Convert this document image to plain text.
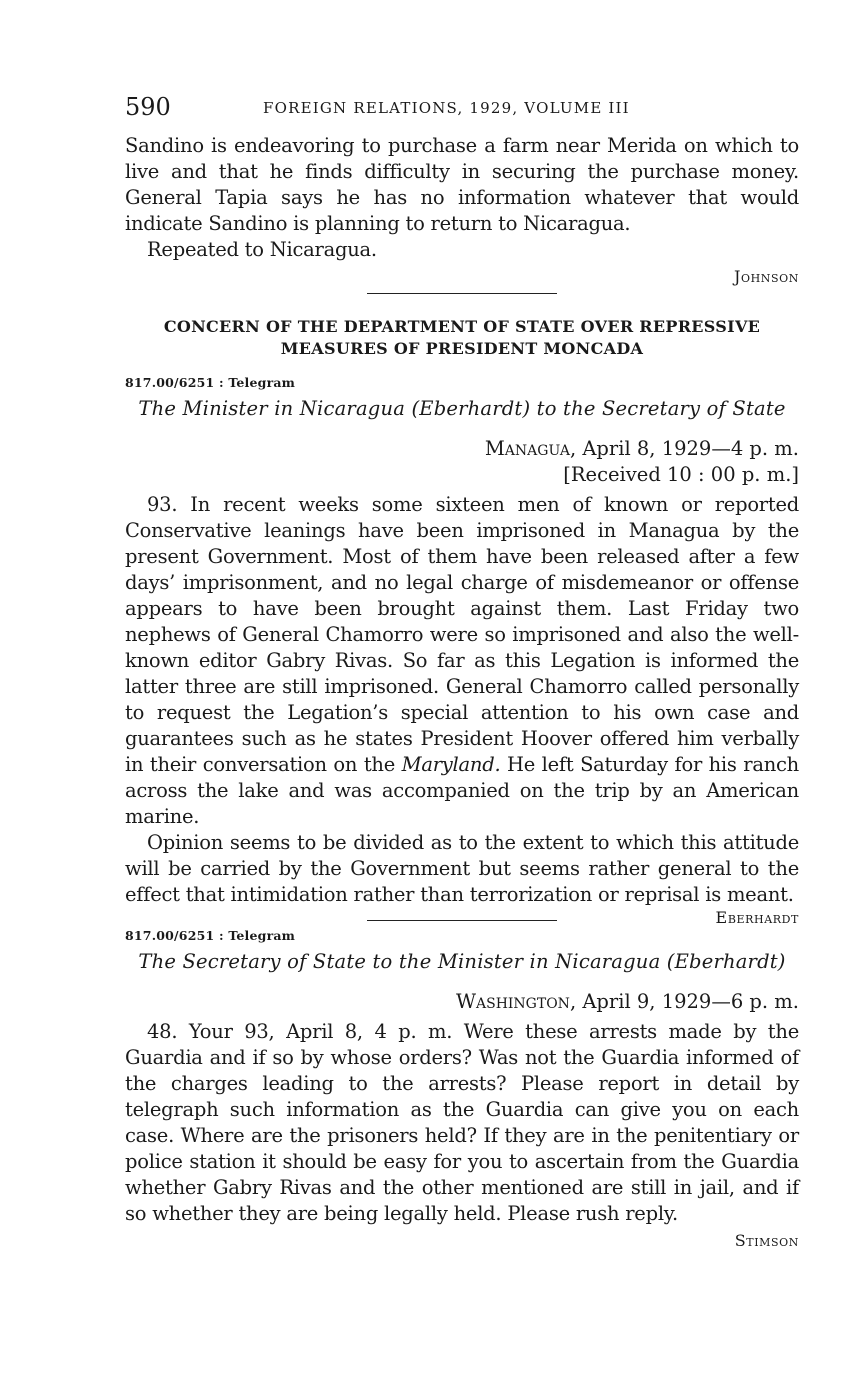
590	FOREIGN RELATIONS, 1929, VOLUME III

Sandino is endeavoring to purchase a farm near Merida on which to live and that he finds difficulty in securing the purchase money. General Tapia says he has no information whatever that would indicate Sandino is planning to return to Nicaragua.

Repeated to Nicaragua.

Johnson
CONCERN OF THE DEPARTMENT OF STATE OVER REPRESSIVE
MEASURES OF PRESIDENT MONCADA
817.00/6251 : Telegram
The Minister in Nicaragua (Eberhardt) to the Secretary of State
Managua, April 8, 1929—4 p. m.
[Received 10 : 00 p. m.]

93. In recent weeks some sixteen men of known or reported Conservative leanings have been imprisoned in Managua by the present Government. Most of them have been released after a few days’ imprisonment, and no legal charge of misdemeanor or offense appears to have been brought against them. Last Friday two nephews of General Chamorro were so imprisoned and also the well-known editor Gabry Rivas. So far as this Legation is informed the latter three are still imprisoned. General Chamorro called personally to request the Legation’s special attention to his own case and guarantees such as he states President Hoover offered him verbally in their conversation on the Maryland. He left Saturday for his ranch across the lake and was accompanied on the trip by an American marine.

Opinion seems to be divided as to the extent to which this attitude will be carried by the Government but seems rather general to the effect that intimidation rather than terrorization or reprisal is meant.

Eberhardt
817.00/6251 : Telegram
The Secretary of State to the Minister in Nicaragua (Eberhardt)
Washington, April 9, 1929—6 p. m.

48. Your 93, April 8, 4 p. m. Were these arrests made by the Guardia and if so by whose orders? Was not the Guardia informed of the charges leading to the arrests? Please report in detail by telegraph such information as the Guardia can give you on each case. Where are the prisoners held? If they are in the penitentiary or police station it should be easy for you to ascertain from the Guardia whether Gabry Rivas and the other mentioned are still in jail, and if so whether they are being legally held. Please rush reply.

Stimson
